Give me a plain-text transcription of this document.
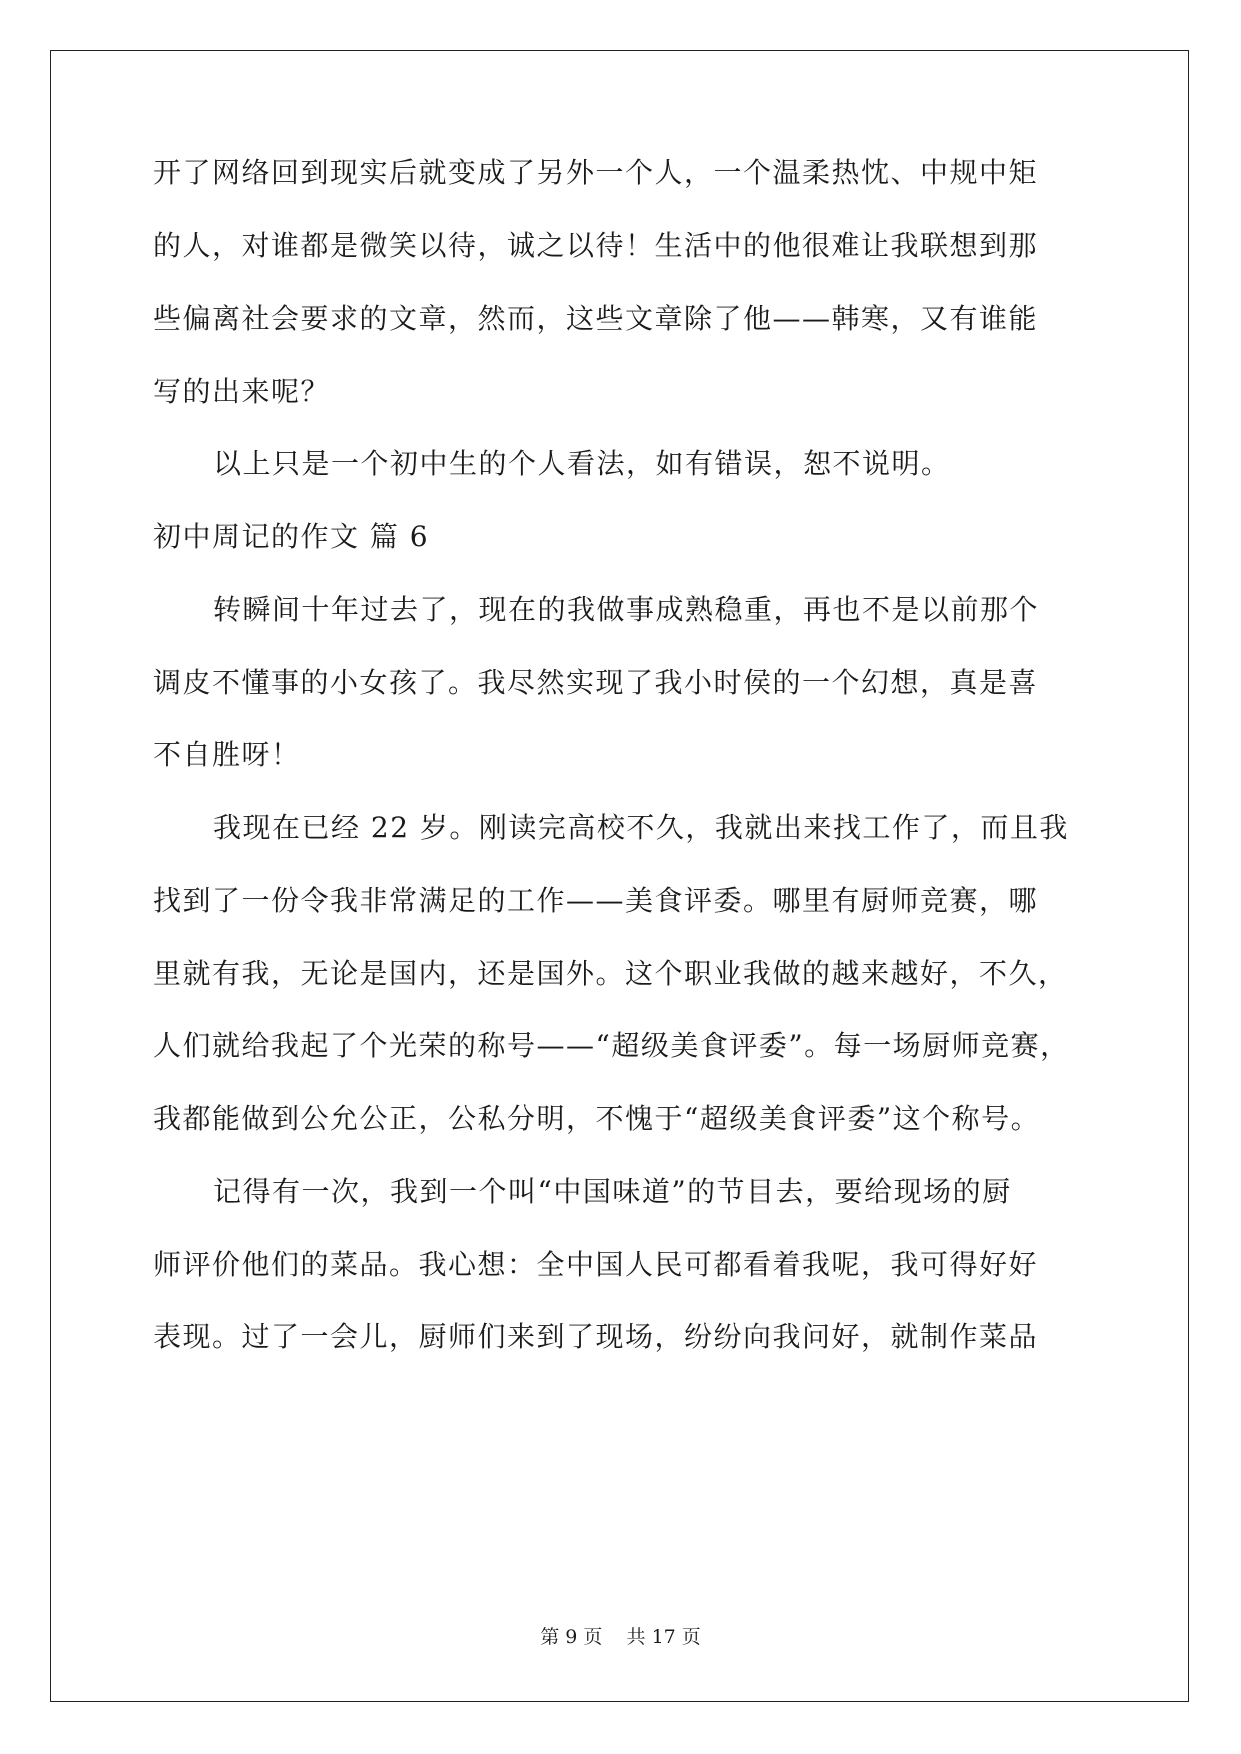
开了网络回到现实后就变成了另外一个人，一个温柔热忱、中规中矩
的人，对谁都是微笑以待，诚之以待！生活中的他很难让我联想到那
些偏离社会要求的文章，然而，这些文章除了他——韩寒，又有谁能
写的出来呢？
以上只是一个初中生的个人看法，如有错误，恕不说明。
初中周记的作文 篇 6
转瞬间十年过去了，现在的我做事成熟稳重，再也不是以前那个
调皮不懂事的小女孩了。我尽然实现了我小时侯的一个幻想，真是喜
不自胜呀！
我现在已经 22 岁。刚读完高校不久，我就出来找工作了，而且我
找到了一份令我非常满足的工作——美食评委。哪里有厨师竞赛，哪
里就有我，无论是国内，还是国外。这个职业我做的越来越好，不久，
人们就给我起了个光荣的称号——“超级美食评委”。每一场厨师竞赛，
我都能做到公允公正，公私分明，不愧于“超级美食评委”这个称号。
记得有一次，我到一个叫“中国味道”的节目去，要给现场的厨
师评价他们的菜品。我心想：全中国人民可都看着我呢，我可得好好
表现。过了一会儿，厨师们来到了现场，纷纷向我问好，就制作菜品
第 9 页    共 17 页
